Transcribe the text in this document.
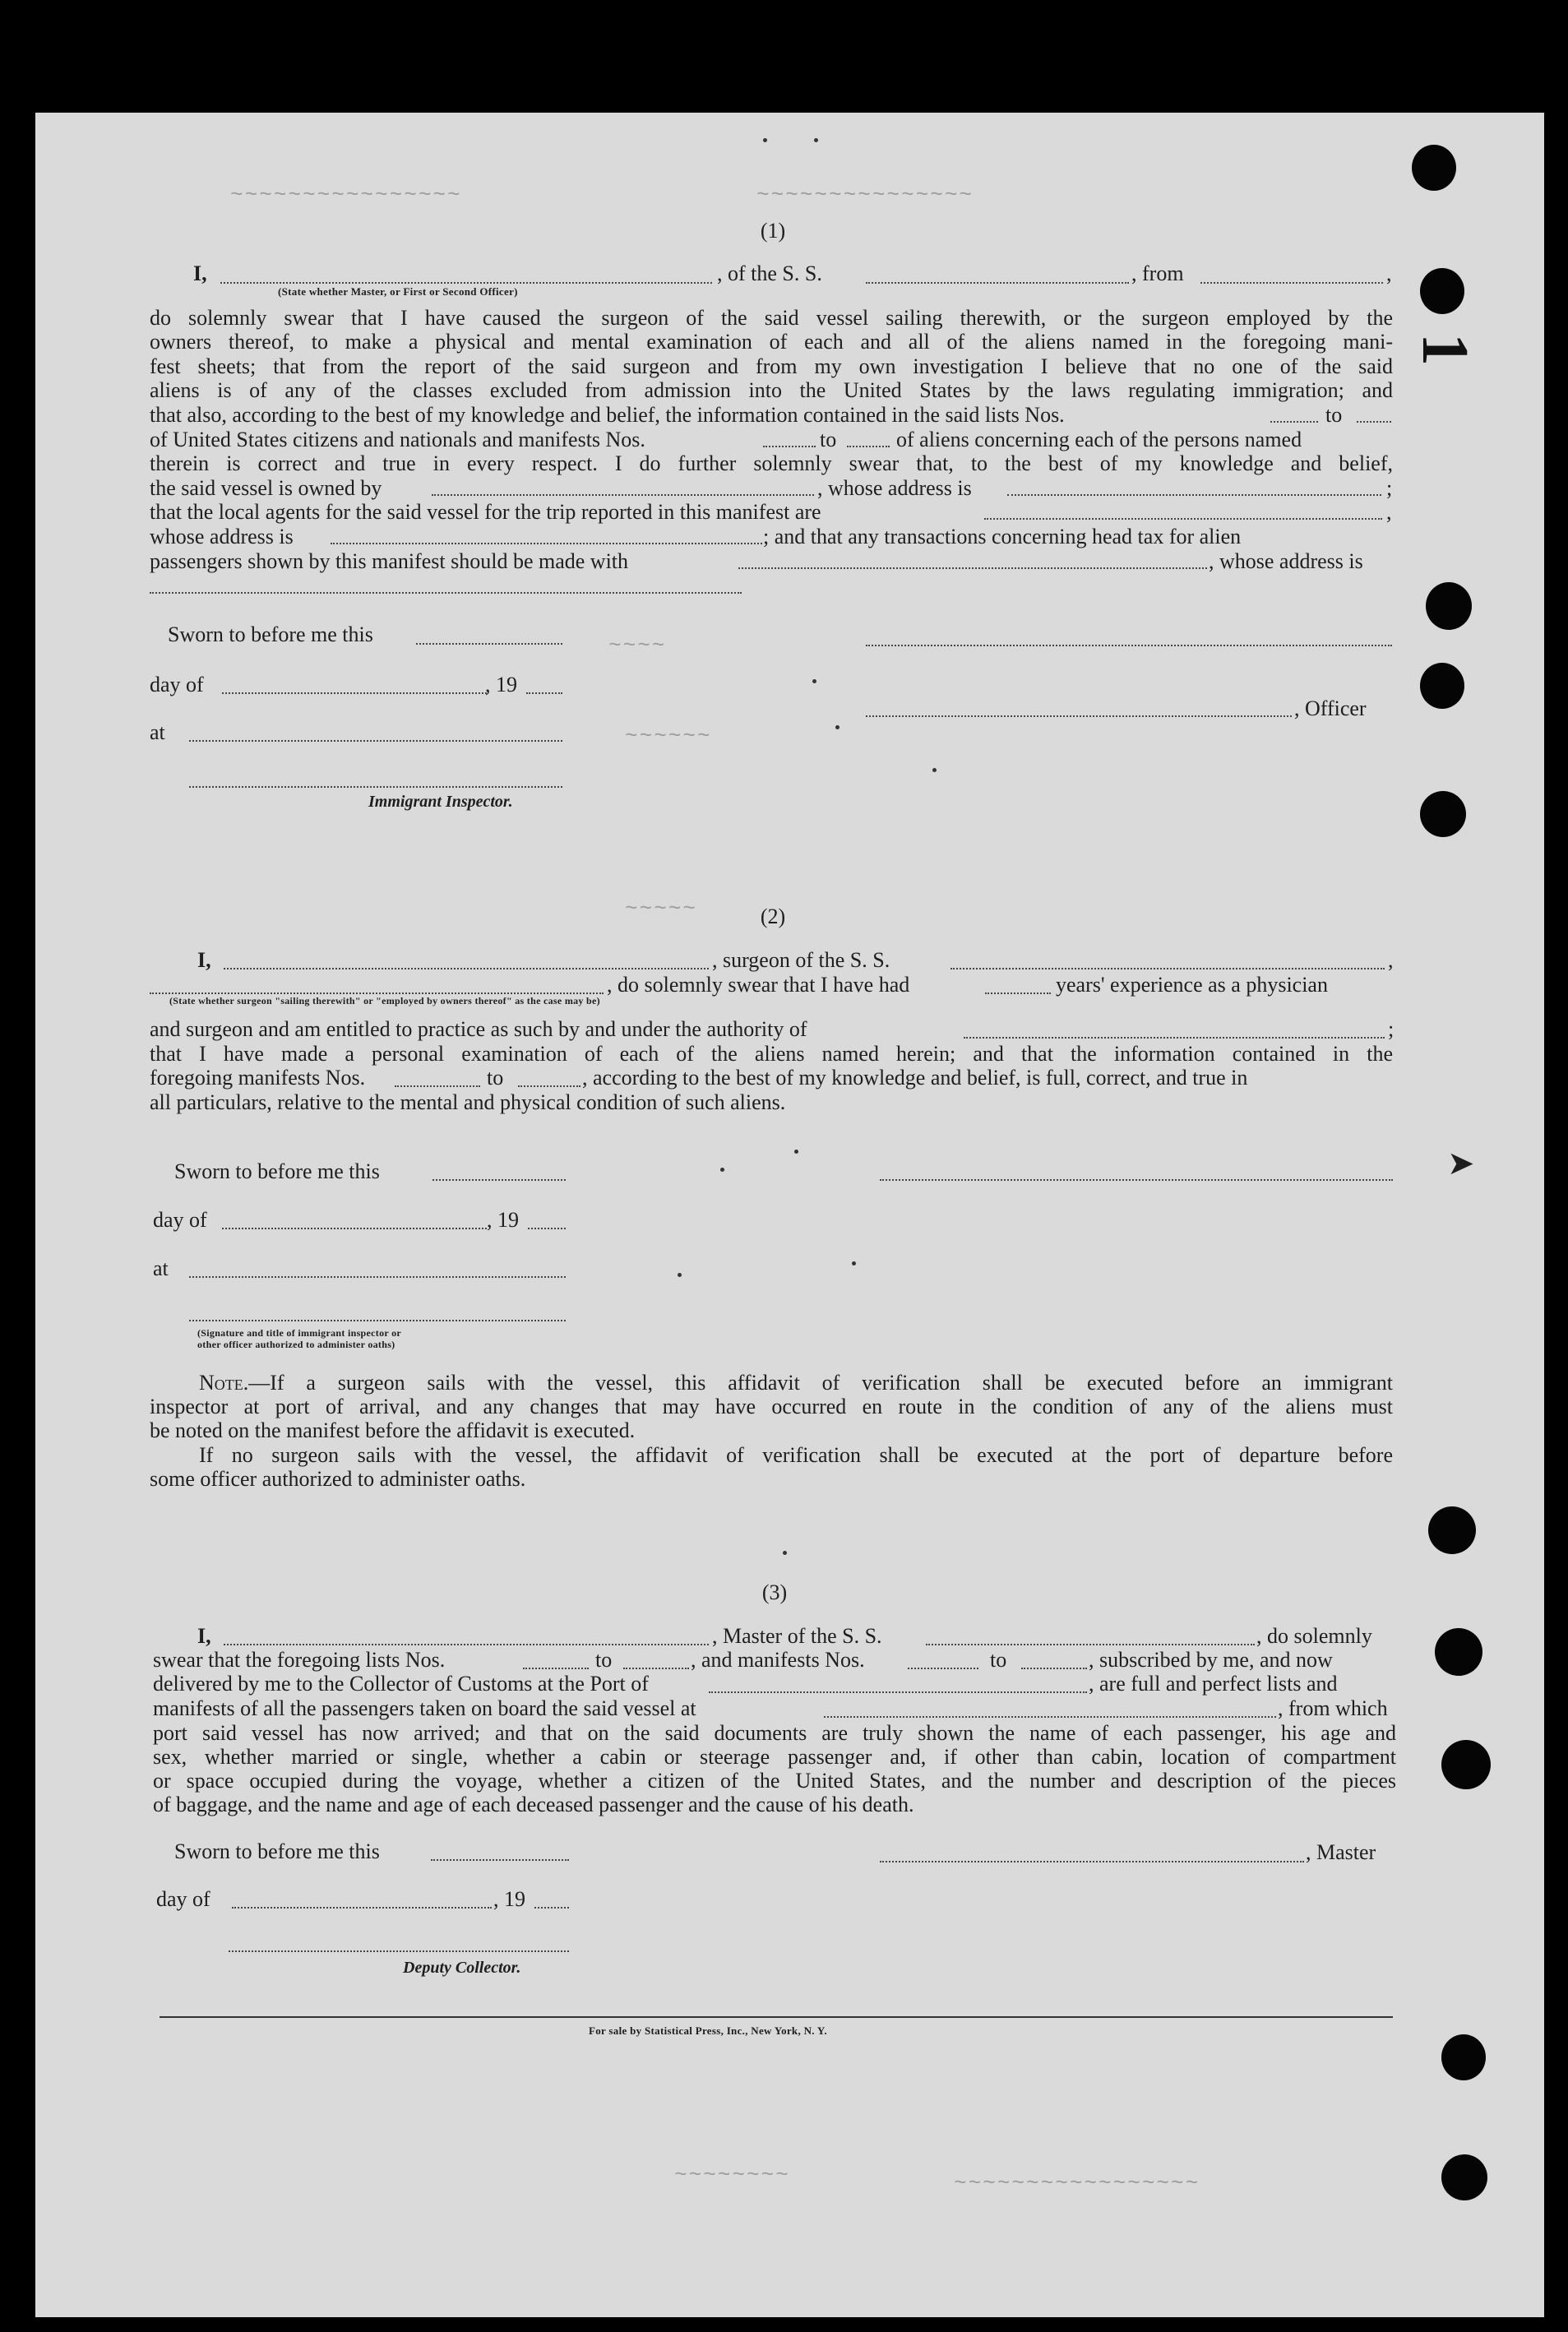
1
➤
~~~~~~~~~~~~~~~~	~~~~~~~~~~~~~~~
~~~~
~~~~~~
~~~~~
~~~~~~~~	~~~~~~~~~~~~~~~~~
(1)
I,
(State whether Master, or First or Second Officer)
, of the S. S.	, from	,
do solemnly swear that I have caused the surgeon of the said vessel sailing therewith, or the surgeon employed by the
owners thereof, to make a physical and mental examination of each and all of the aliens named in the foregoing mani-
fest sheets; that from the report of the said surgeon and from my own investigation I believe that no one of the said
aliens is of any of the classes excluded from admission into the United States by the laws regulating immigration; and
that also, according to the best of my knowledge and belief, the information contained in the said lists Nos.	to
of United States citizens and nationals and manifests Nos.	to	of aliens concerning each of the persons named
therein is correct and true in every respect. I do further solemnly swear that, to the best of my knowledge and belief,
the said vessel is owned by	, whose address is	;
that the local agents for the said vessel for the trip reported in this manifest are	,
whose address is	; and that any transactions concerning head tax for alien
passengers shown by this manifest should be made with	, whose address is
Sworn to before me this
day of	, 19
, Officer
at
Immigrant Inspector.
(2)
I,	, surgeon of the S. S.	,
(State whether surgeon "sailing therewith" or "employed by owners thereof" as the case may be)
, do solemnly swear that I have had	years' experience as a physician
and surgeon and am entitled to practice as such by and under the authority of	;
that I have made a personal examination of each of the aliens named herein; and that the information contained in the
foregoing manifests Nos.	to	, according to the best of my knowledge and belief, is full, correct, and true in
all particulars, relative to the mental and physical condition of such aliens.
Sworn to before me this
day of	, 19
at
(Signature and title of immigrant inspector or
other officer authorized to administer oaths)
Note.—If a surgeon sails with the vessel, this affidavit of verification shall be executed before an immigrant
inspector at port of arrival, and any changes that may have occurred en route in the condition of any of the aliens must
be noted on the manifest before the affidavit is executed.
If no surgeon sails with the vessel, the affidavit of verification shall be executed at the port of departure before
some officer authorized to administer oaths.
(3)
I,	, Master of the S. S.	, do solemnly
swear that the foregoing lists Nos.	to	, and manifests Nos.	to	, subscribed by me, and now
delivered by me to the Collector of Customs at the Port of	, are full and perfect lists and
manifests of all the passengers taken on board the said vessel at	, from which
port said vessel has now arrived; and that on the said documents are truly shown the name of each passenger, his age and
sex, whether married or single, whether a cabin or steerage passenger and, if other than cabin, location of compartment
or space occupied during the voyage, whether a citizen of the United States, and the number and description of the pieces
of baggage, and the name and age of each deceased passenger and the cause of his death.
Sworn to before me this	, Master
day of	, 19
Deputy Collector.
For sale by Statistical Press, Inc., New York, N. Y.
